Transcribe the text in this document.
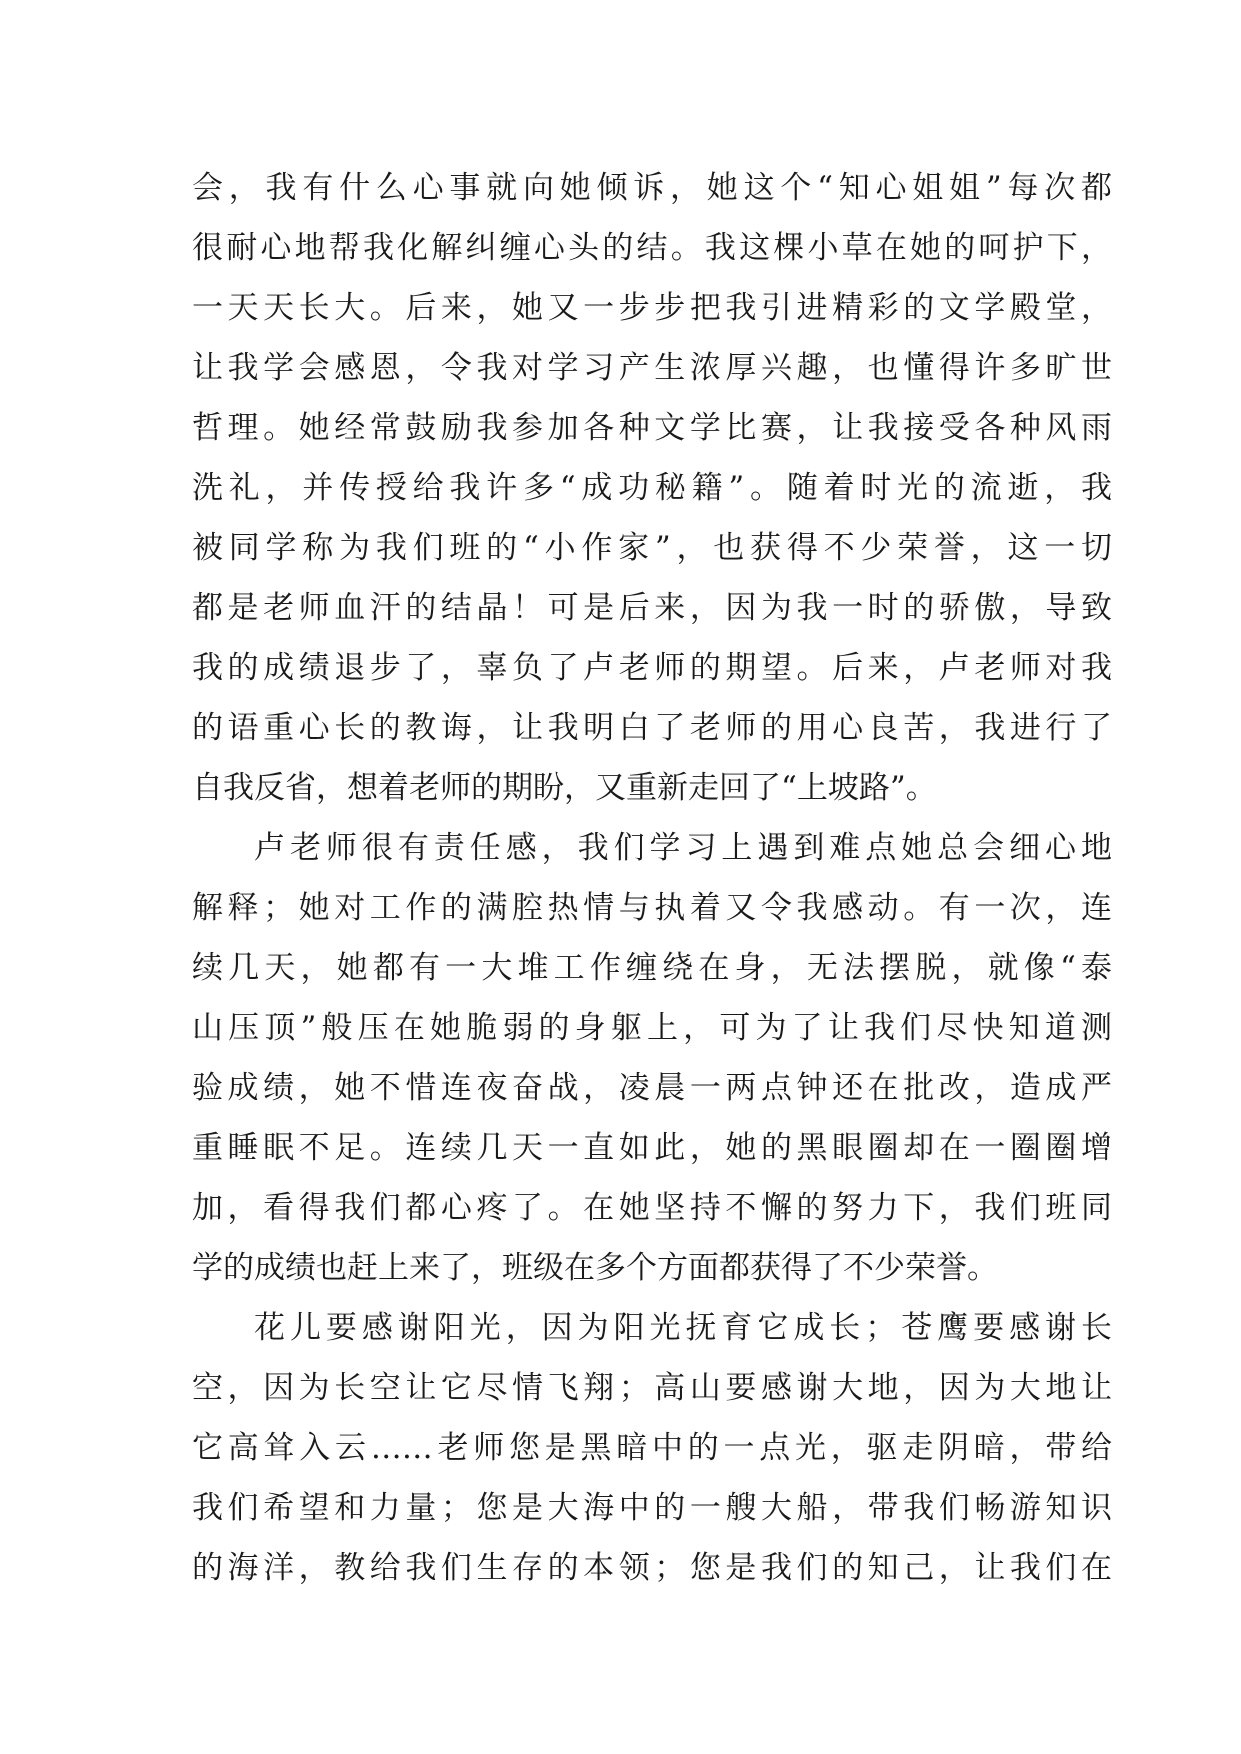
会，我有什么心事就向她倾诉，她这个“知心姐姐”每次都
很耐心地帮我化解纠缠心头的结。我这棵小草在她的呵护下，
一天天长大。后来，她又一步步把我引进精彩的文学殿堂，
让我学会感恩，令我对学习产生浓厚兴趣，也懂得许多旷世
哲理。她经常鼓励我参加各种文学比赛，让我接受各种风雨
洗礼，并传授给我许多“成功秘籍”。随着时光的流逝，我
被同学称为我们班的“小作家”，也获得不少荣誉，这一切
都是老师血汗的结晶！可是后来，因为我一时的骄傲，导致
我的成绩退步了，辜负了卢老师的期望。后来，卢老师对我
的语重心长的教诲，让我明白了老师的用心良苦，我进行了
自我反省，想着老师的期盼，又重新走回了“上坡路”。
卢老师很有责任感，我们学习上遇到难点她总会细心地
解释；她对工作的满腔热情与执着又令我感动。有一次，连
续几天，她都有一大堆工作缠绕在身，无法摆脱，就像“泰
山压顶”般压在她脆弱的身躯上，可为了让我们尽快知道测
验成绩，她不惜连夜奋战，凌晨一两点钟还在批改，造成严
重睡眠不足。连续几天一直如此，她的黑眼圈却在一圈圈增
加，看得我们都心疼了。在她坚持不懈的努力下，我们班同
学的成绩也赶上来了，班级在多个方面都获得了不少荣誉。
花儿要感谢阳光，因为阳光抚育它成长；苍鹰要感谢长
空，因为长空让它尽情飞翔；高山要感谢大地，因为大地让
它高耸入云……老师您是黑暗中的一点光，驱走阴暗，带给
我们希望和力量；您是大海中的一艘大船，带我们畅游知识
的海洋，教给我们生存的本领；您是我们的知己，让我们在
